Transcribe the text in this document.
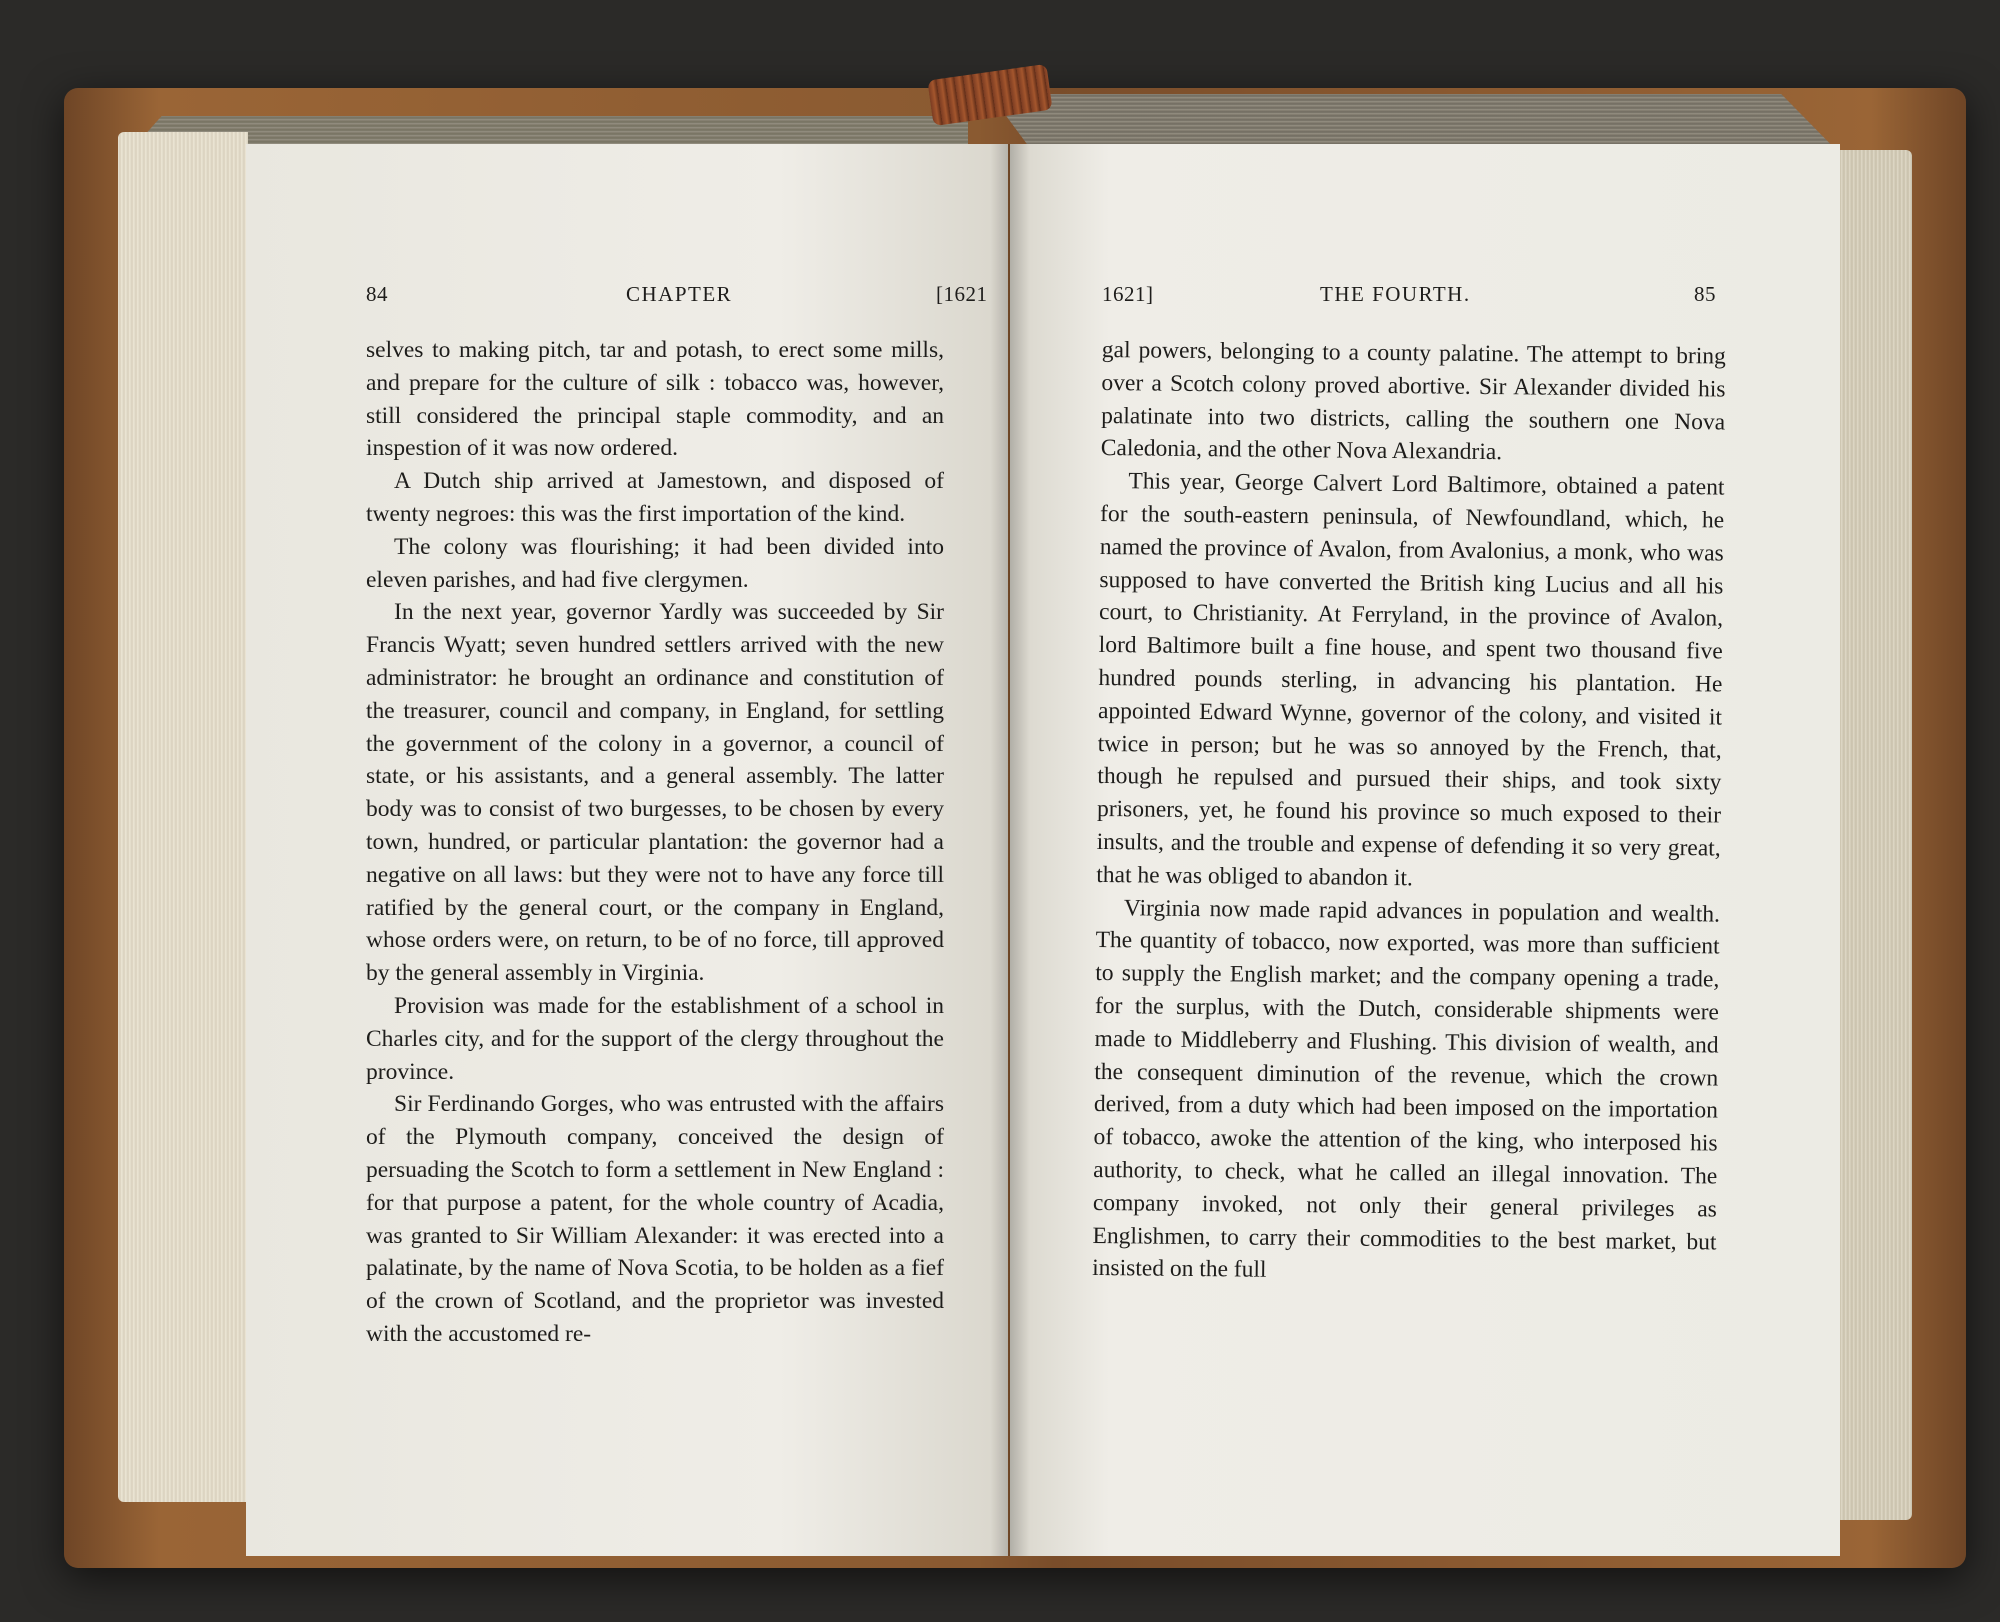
84	CHAPTER	[1621

selves to making pitch, tar and potash, to erect some mills, and prepare for the culture of silk : tobacco was, however, still considered the principal staple commodity, and an inspestion of it was now ordered.

A Dutch ship arrived at Jamestown, and disposed of twenty negroes: this was the first importation of the kind.

The colony was flourishing; it had been divided into eleven parishes, and had five clergymen.

In the next year, governor Yardly was succeeded by Sir Francis Wyatt; seven hundred settlers arrived with the new administrator: he brought an ordinance and constitution of the treasurer, council and company, in England, for settling the government of the colony in a governor, a council of state, or his assistants, and a general assembly. The latter body was to consist of two burgesses, to be chosen by every town, hundred, or particular plantation: the governor had a negative on all laws: but they were not to have any force till ratified by the general court, or the company in England, whose orders were, on return, to be of no force, till approved by the general assembly in Virginia.

Provision was made for the establishment of a school in Charles city, and for the support of the clergy throughout the province.

Sir Ferdinando Gorges, who was entrusted with the affairs of the Plymouth company, conceived the design of persuading the Scotch to form a settlement in New England : for that purpose a patent, for the whole country of Acadia, was granted to Sir William Alexander: it was erected into a palatinate, by the name of Nova Scotia, to be holden as a fief of the crown of Scotland, and the proprietor was invested with the accustomed re-

1621]	THE FOURTH.	85

gal powers, belonging to a county palatine. The attempt to bring over a Scotch colony proved abortive. Sir Alexander divided his palatinate into two districts, calling the southern one Nova Caledonia, and the other Nova Alexandria.

This year, George Calvert Lord Baltimore, obtained a patent for the south-eastern peninsula, of Newfoundland, which, he named the province of Avalon, from Avalonius, a monk, who was supposed to have converted the British king Lucius and all his court, to Christianity. At Ferryland, in the province of Avalon, lord Baltimore built a fine house, and spent two thousand five hundred pounds sterling, in advancing his plantation. He appointed Edward Wynne, governor of the colony, and visited it twice in person; but he was so annoyed by the French, that, though he repulsed and pursued their ships, and took sixty prisoners, yet, he found his province so much exposed to their insults, and the trouble and expense of defending it so very great, that he was obliged to abandon it.

Virginia now made rapid advances in population and wealth. The quantity of tobacco, now exported, was more than sufficient to supply the English market; and the company opening a trade, for the surplus, with the Dutch, considerable shipments were made to Middleberry and Flushing. This division of wealth, and the consequent diminution of the revenue, which the crown derived, from a duty which had been imposed on the importation of tobacco, awoke the attention of the king, who interposed his authority, to check, what he called an illegal innovation. The company invoked, not only their general privileges as Englishmen, to carry their commodities to the best market, but insisted on the full
